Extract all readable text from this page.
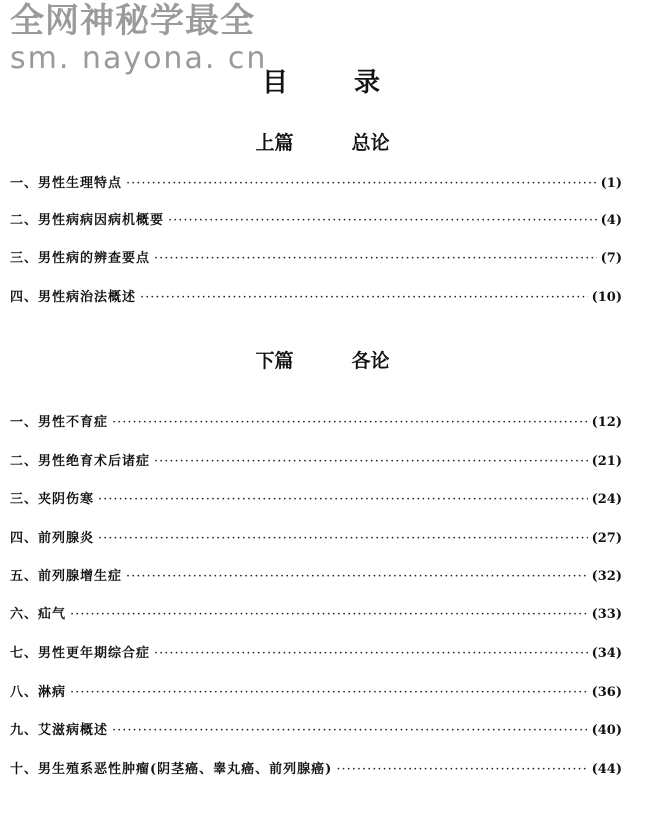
全网神秘学最全
sm. nayona. cn
目 录
上篇	总论
一、男性生理特点 ·····	(1)
二、男性病病因病机概要 ·····	(4)
三、男性病的辨查要点 ·····	(7)
四、男性病治法概述 ·····	(10)
下篇	各论
一、男性不育症 ·····	(12)
二、男性绝育术后诸症 ·····	(21)
三、夹阴伤寒 ·····	(24)
四、前列腺炎 ·····	(27)
五、前列腺增生症 ·····	(32)
六、疝气 ·····	(33)
七、男性更年期综合症 ·····	(34)
八、淋病 ·····	(36)
九、艾滋病概述 ·····	(40)
十、男生殖系恶性肿瘤(阴茎癌、睾丸癌、前列腺癌) ·····	(44)
